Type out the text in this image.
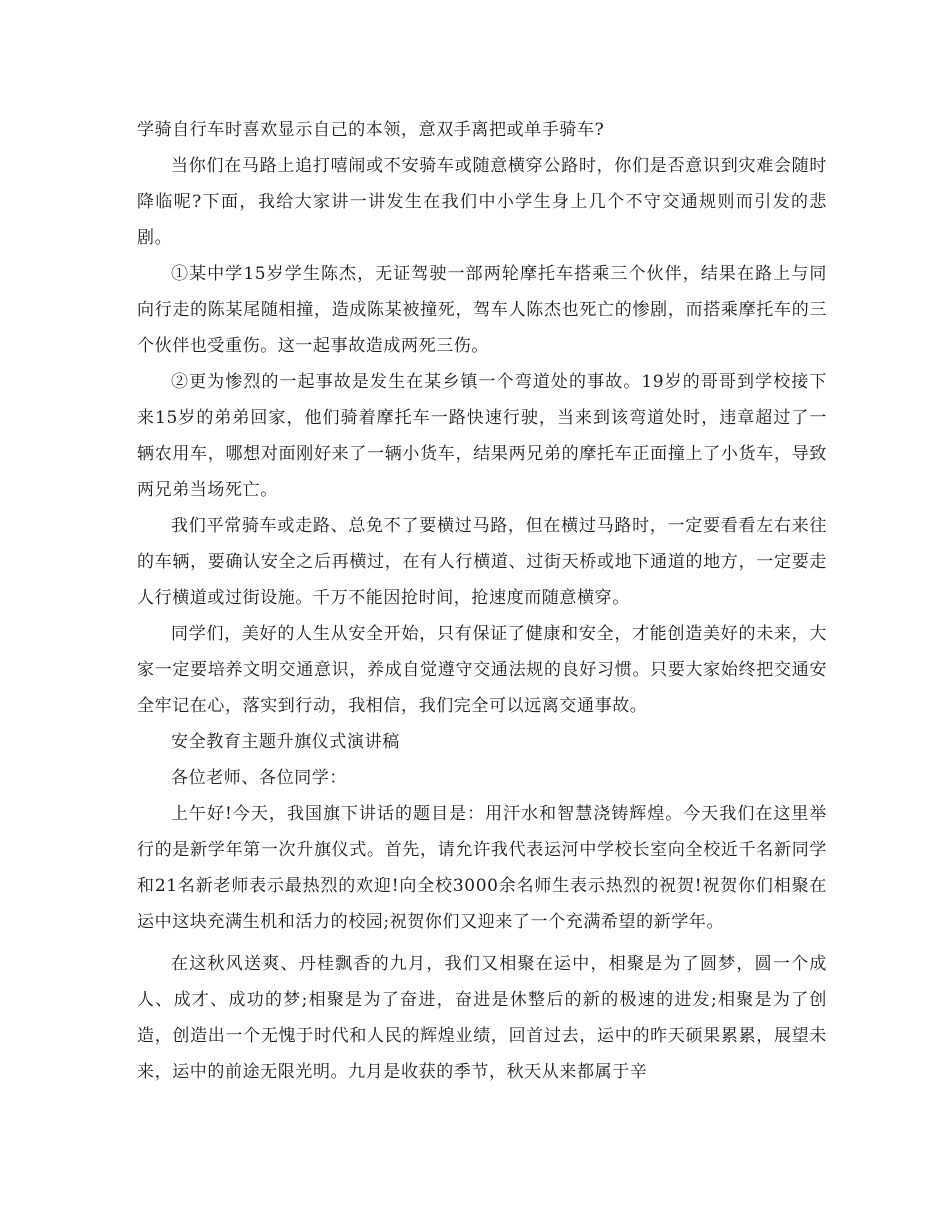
学骑自行车时喜欢显示自己的本领，意双手离把或单手骑车?

当你们在马路上追打嘻闹或不安骑车或随意横穿公路时，你们是否意识到灾难会随时降临呢?下面，我给大家讲一讲发生在我们中小学生身上几个不守交通规则而引发的悲剧。

①某中学15岁学生陈杰，无证驾驶一部两轮摩托车搭乘三个伙伴，结果在路上与同向行走的陈某尾随相撞，造成陈某被撞死，驾车人陈杰也死亡的惨剧，而搭乘摩托车的三个伙伴也受重伤。这一起事故造成两死三伤。

②更为惨烈的一起事故是发生在某乡镇一个弯道处的事故。19岁的哥哥到学校接下来15岁的弟弟回家，他们骑着摩托车一路快速行驶，当来到该弯道处时，违章超过了一辆农用车，哪想对面刚好来了一辆小货车，结果两兄弟的摩托车正面撞上了小货车，导致两兄弟当场死亡。

我们平常骑车或走路、总免不了要横过马路，但在横过马路时，一定要看看左右来往的车辆，要确认安全之后再横过，在有人行横道、过街天桥或地下通道的地方，一定要走人行横道或过街设施。千万不能因抢时间，抢速度而随意横穿。

同学们，美好的人生从安全开始，只有保证了健康和安全，才能创造美好的未来，大家一定要培养文明交通意识，养成自觉遵守交通法规的良好习惯。只要大家始终把交通安全牢记在心，落实到行动，我相信，我们完全可以远离交通事故。

安全教育主题升旗仪式演讲稿

各位老师、各位同学：

上午好!今天，我国旗下讲话的题目是：用汗水和智慧浇铸辉煌。今天我们在这里举行的是新学年第一次升旗仪式。首先，请允许我代表运河中学校长室向全校近千名新同学和21名新老师表示最热烈的欢迎!向全校3000余名师生表示热烈的祝贺!祝贺你们相聚在运中这块充满生机和活力的校园;祝贺你们又迎来了一个充满希望的新学年。

在这秋风送爽、丹桂飘香的九月，我们又相聚在运中，相聚是为了圆梦，圆一个成人、成才、成功的梦;相聚是为了奋进，奋进是休整后的新的极速的进发;相聚是为了创造，创造出一个无愧于时代和人民的辉煌业绩，回首过去，运中的昨天硕果累累，展望未来，运中的前途无限光明。九月是收获的季节，秋天从来都属于辛
